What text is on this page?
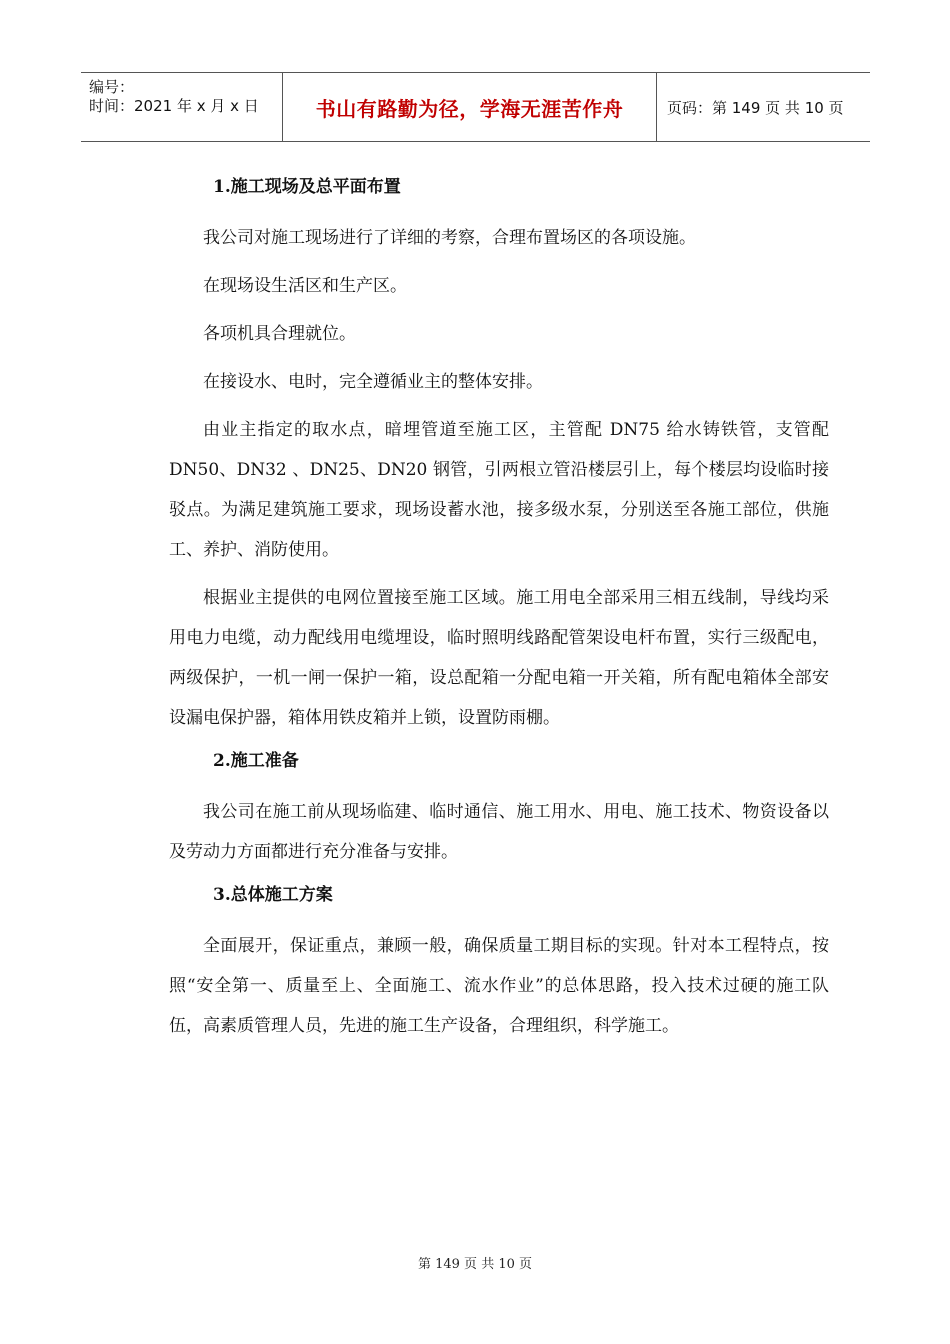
编号：
时间：2021 年 x 月 x 日	书山有路勤为径，学海无涯苦作舟	页码：第 149 页 共 10 页
1.施工现场及总平面布置

我公司对施工现场进行了详细的考察，合理布置场区的各项设施。

在现场设生活区和生产区。

各项机具合理就位。

在接设水、电时，完全遵循业主的整体安排。

由业主指定的取水点，暗埋管道至施工区，主管配 DN75 给水铸铁管，支管配 DN50、DN32 、DN25、DN20 钢管，引两根立管沿楼层引上，每个楼层均设临时接驳点。为满足建筑施工要求，现场设蓄水池，接多级水泵，分别送至各施工部位，供施工、养护、消防使用。

根据业主提供的电网位置接至施工区域。施工用电全部采用三相五线制，导线均采用电力电缆，动力配线用电缆埋设，临时照明线路配管架设电杆布置，实行三级配电，两级保护，一机一闸一保护一箱，设总配箱一分配电箱一开关箱，所有配电箱体全部安设漏电保护器，箱体用铁皮箱并上锁，设置防雨棚。

2.施工准备

我公司在施工前从现场临建、临时通信、施工用水、用电、施工技术、物资设备以及劳动力方面都进行充分准备与安排。

3.总体施工方案

全面展开，保证重点，兼顾一般，确保质量工期目标的实现。针对本工程特点，按照“安全第一、质量至上、全面施工、流水作业”的总体思路，投入技术过硬的施工队伍，高素质管理人员，先进的施工生产设备，合理组织，科学施工。

第 149 页 共 10 页
